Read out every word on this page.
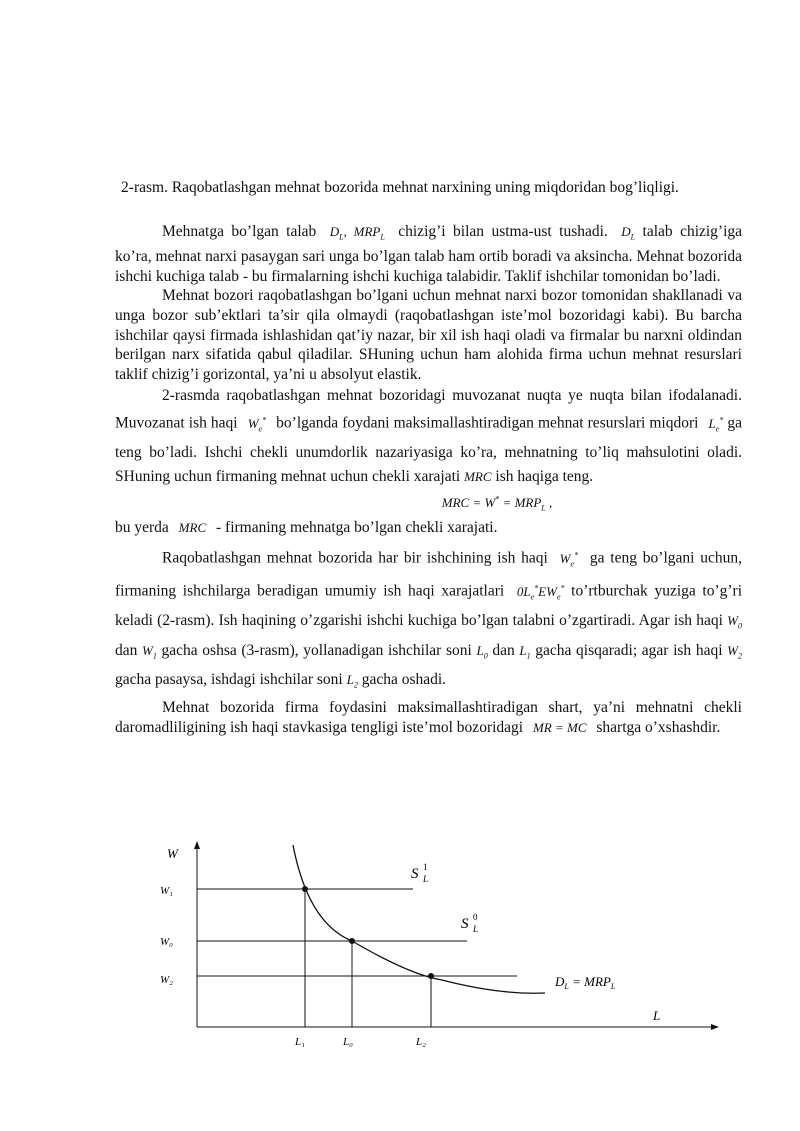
2-rasm. Raqobatlashgan mehnat bozorida mehnat narxining uning miqdoridan bog’liqligi.

Mehnatga bo’lgan talab $D_L$, $MRP_L$ chizig’i bilan ustma-ust tushadi. $D_L$ talab chizig’iga ko’ra, mehnat narxi pasaygan sari unga bo’lgan talab ham ortib boradi va aksincha. Mehnat bozorida ishchi kuchiga talab - bu firmalarning ishchi kuchiga talabidir. Taklif ishchilar tomonidan bo’ladi.

Mehnat bozori raqobatlashgan bo’lgani uchun mehnat narxi bozor tomonidan shakllanadi va unga bozor sub’ektlari ta’sir qila olmaydi (raqobatlashgan iste’mol bozoridagi kabi). Bu barcha ishchilar qaysi firmada ishlashidan qat’iy nazar, bir xil ish haqi oladi va firmalar bu narxni oldindan berilgan narx sifatida qabul qiladilar. SHuning uchun ham alohida firma uchun mehnat resurslari taklif chizig’i gorizontal, ya’ni u absolyut elastik.

2-rasmda raqobatlashgan mehnat bozoridagi muvozanat nuqta ye nuqta bilan ifodalanadi. Muvozanat ish haqi $W_e^*$ bo’lganda foydani maksimallashtiradigan mehnat resurslari miqdori $L_e^*$ ga teng bo’ladi. Ishchi chekli unumdorlik nazariyasiga ko’ra, mehnatning to’liq mahsulotini oladi. SHuning uchun firmaning mehnat uchun chekli xarajati MRC ish haqiga teng.

MRC = $W^* = MRP_L$ ,

bu yerda MRC - firmaning mehnatga bo’lgan chekli xarajati.

Raqobatlashgan mehnat bozorida har bir ishchining ish haqi $W_e^*$ ga teng bo’lgani uchun, firmaning ishchilarga beradigan umumiy ish haqi xarajatlari $0L_e^*EW_e^*$ to’rtburchak yuziga to’g’ri keladi (2-rasm). Ish haqining o’zgarishi ishchi kuchiga bo’lgan talabni o’zgartiradi. Agar ish haqi $W_0$ dan $W_1$ gacha oshsa (3-rasm), yollanadigan ishchilar soni $L_0$ dan $L_1$ gacha qisqaradi; agar ish haqi $W_2$ gacha pasaysa, ishdagi ishchilar soni $L_2$ gacha oshadi.

Mehnat bozorida firma foydasini maksimallashtiradigan shart, ya’ni mehnatni chekli daromadliligining ish haqi stavkasiga tengligi iste’mol bozoridagi MR = MC shartga o’xshashdir.

W
L
W₁
W₀
W₂
L₁	L₀	L₂
S 1
L
S 0
L
$D_L = MRP_L$
